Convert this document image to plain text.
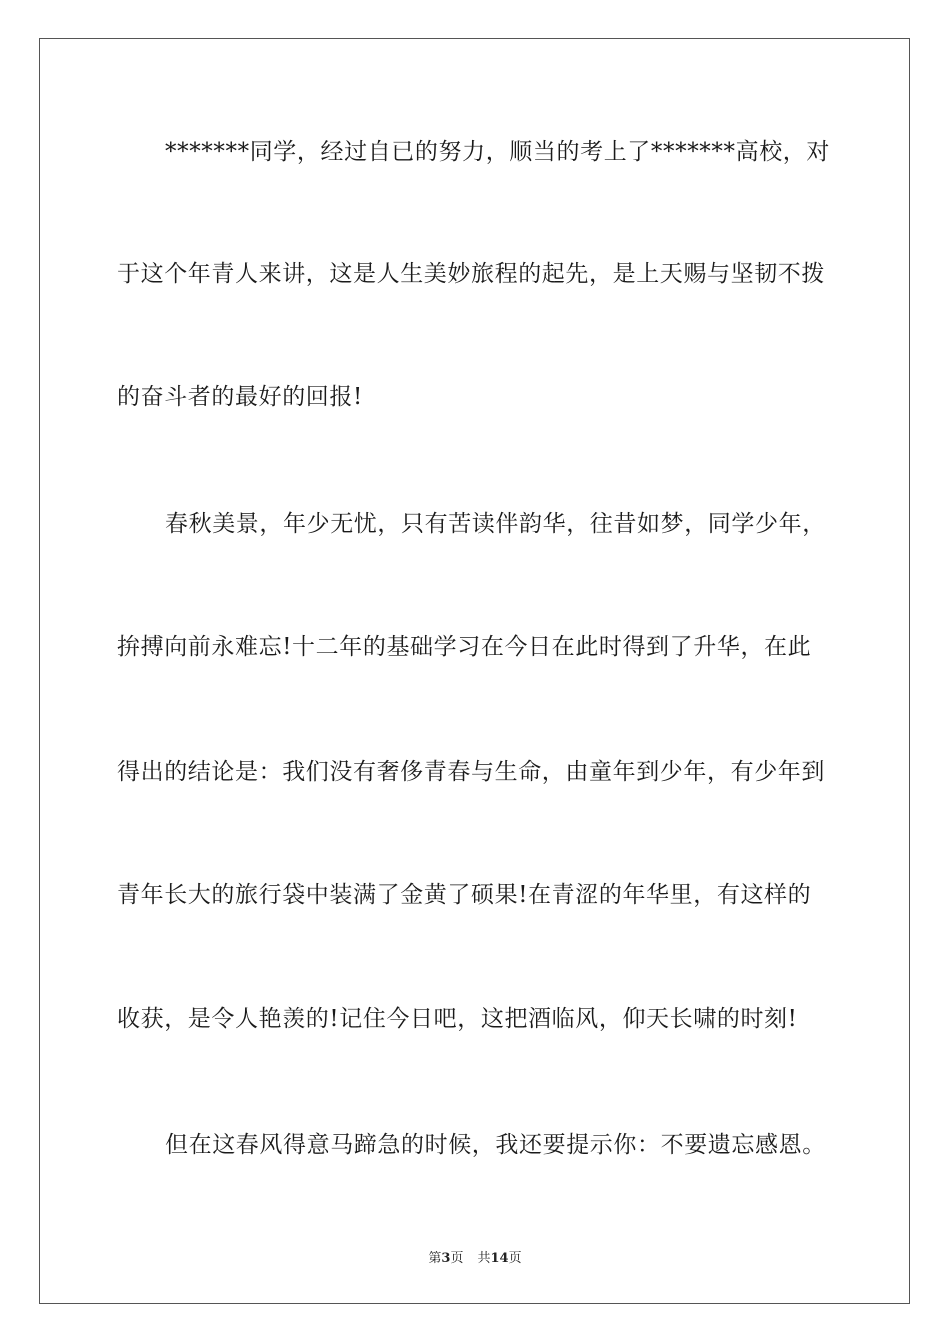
*******同学，经过自已的努力，顺当的考上了*******高校，对
于这个年青人来讲，这是人生美妙旅程的起先，是上天赐与坚韧不拨
的奋斗者的最好的回报!
春秋美景，年少无忧，只有苦读伴韵华，往昔如梦，同学少年，
拚搏向前永难忘!十二年的基础学习在今日在此时得到了升华，在此
得出的结论是：我们没有奢侈青春与生命，由童年到少年，有少年到
青年长大的旅行袋中装满了金黄了硕果!在青涩的年华里，有这样的
收获，是令人艳羡的!记住今日吧，这把酒临风，仰天长啸的时刻!
但在这春风得意马蹄急的时候，我还要提示你：不要遗忘感恩。
第3页 共14页
